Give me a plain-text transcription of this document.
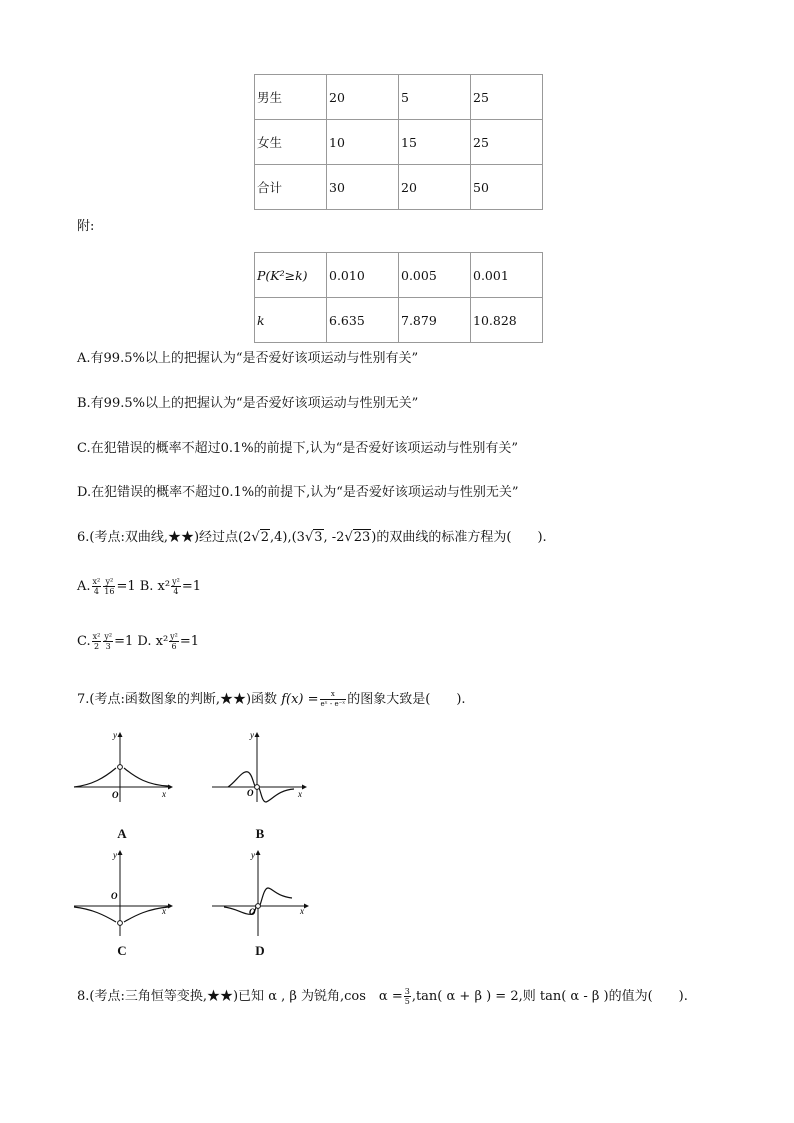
男生	20	5	25
女生	10	15	25
合计	30	20	50
附:
P(K²≥k)	0.010	0.005	0.001
k	6.635	7.879	10.828
A.有99.5%以上的把握认为“是否爱好该项运动与性别有关”
B.有99.5%以上的把握认为“是否爱好该项运动与性别无关”
C.在犯错误的概率不超过0.1%的前提下,认为“是否爱好该项运动与性别有关”
D.在犯错误的概率不超过0.1%的前提下,认为“是否爱好该项运动与性别无关”
6.(考点:双曲线,★★)经过点(2√2,4),(3√3, -2√23)的双曲线的标准方程为(　　).
A. $\frac{\text{x²}}{4} \frac{\text{y²}}{16} =1$ B. $x^2 \frac{\text{y²}}{4} =1$
C. $\frac{\text{x²}}{2} \frac{\text{y²}}{3} =1$ D. $x^2 \frac{\text{y²}}{6} =1$
7.(考点:函数图象的判断,★★)函数 $f(x) = \frac{x}{\text{eˣ - e⁻ˣ}}$ 的图象大致是(　　).
y
x
O
A
y
x
O
B
y
x
O
C
y
x
O
D
8.(考点:三角恒等变换,★★)已知 α , β 为锐角,cos　$\alpha = \frac{3}{5} ,\tan$( α + β ) = 2,则 tan( α - β )的值为(　　).
